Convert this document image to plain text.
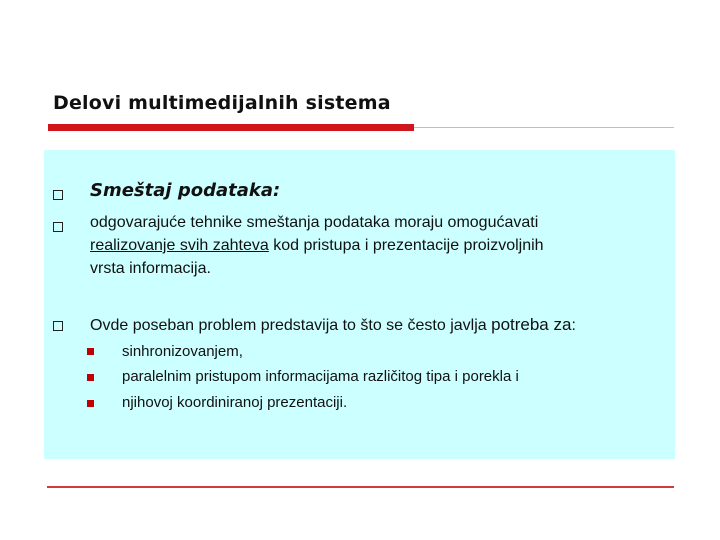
Delovi multimedijalnih sistema
Smeštaj podataka:
odgovarajuće tehnike smeštanja podataka moraju omogućavati
realizovanje svih zahteva kod pristupa i prezentacije proizvoljnih
vrsta informacija.
Ovde poseban problem predstavija to što se često javlja potreba za:
sinhronizovanjem,
paralelnim pristupom informacijama različitog tipa i porekla i
njihovoj koordiniranoj prezentaciji.
